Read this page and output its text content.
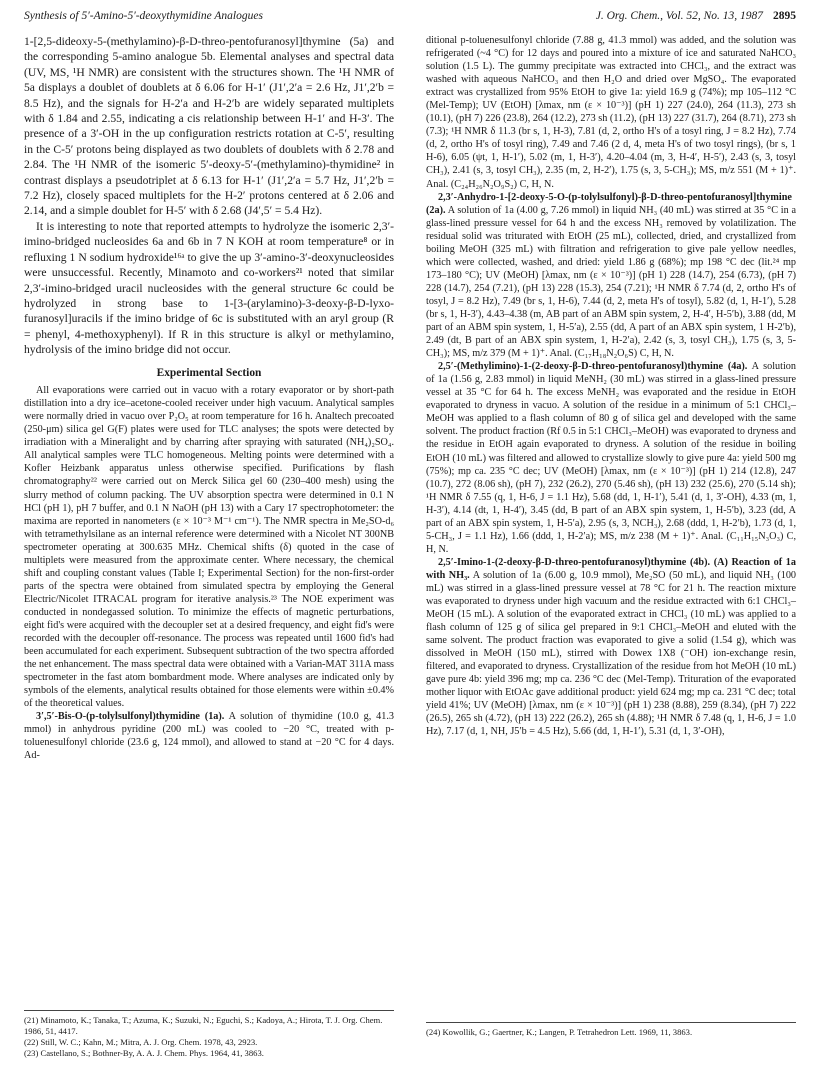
Synthesis of 5′-Amino-5′-deoxythymidine Analogues	J. Org. Chem., Vol. 52, No. 13, 1987 2895

1-[2,5-dideoxy-5-(methylamino)-β-D-threo-pentofuranosyl]thymine (5a) and the corresponding 5-amino analogue 5b. Elemental analyses and spectral data (UV, MS, ¹H NMR) are consistent with the structures shown. The ¹H NMR of 5a displays a doublet of doublets at δ 6.06 for H-1′ (J1′,2′a = 2.6 Hz, J1′,2′b = 8.5 Hz), and the signals for H-2′a and H-2′b are widely separated multiplets with δ 1.84 and 2.55, indicating a cis relationship between H-1′ and H-3′. The presence of a 3′-OH in the up configuration restricts rotation at C-5′, resulting in the C-5′ protons being displayed as two doublets of doublets with δ 2.78 and 2.84. The ¹H NMR of the isomeric 5′-deoxy-5′-(methylamino)-thymidine² in contrast displays a pseudotriplet at δ 6.13 for H-1′ (J1′,2′a = 5.7 Hz, J1′,2′b = 7.2 Hz), closely spaced multiplets for the H-2′ protons centered at δ 2.06 and 2.14, and a simple doublet for H-5′ with δ 2.68 (J4′,5′ = 5.4 Hz).

It is interesting to note that reported attempts to hydrolyze the isomeric 2,3′-imino-bridged nucleosides 6a and 6b in 7 N KOH at room temperature⁸ or in refluxing 1 N sodium hydroxide¹⁶ᵃ to give the up 3′-amino-3′-deoxynucleosides were unsuccessful. Recently, Minamoto and co-workers²¹ noted that similar 2,3′-imino-bridged uracil nucleosides with the general structure 6c could be hydrolyzed in strong base to 1-[3-(arylamino)-3-deoxy-β-D-lyxo-furanosyl]uracils if the imino bridge of 6c is substituted with an aryl group (R = phenyl, 4-methoxyphenyl). If R in this structure is alkyl or methylamino, hydrolysis of the imino bridge did not occur.

Experimental Section

All evaporations were carried out in vacuo with a rotary evaporator or by short-path distillation into a dry ice–acetone-cooled receiver under high vacuum. Analytical samples were normally dried in vacuo over P₂O₅ at room temperature for 16 h. Analtech precoated (250-μm) silica gel G(F) plates were used for TLC analyses; the spots were detected by irradiation with a Mineralight and by charring after spraying with saturated (NH₄)₂SO₄. All analytical samples were TLC homogeneous. Melting points were determined with a Kofler Heizbank apparatus unless otherwise specified. Purifications by flash chromatography²² were carried out on Merck Silica gel 60 (230–400 mesh) using the slurry method of column packing. The UV absorption spectra were determined in 0.1 N HCl (pH 1), pH 7 buffer, and 0.1 N NaOH (pH 13) with a Cary 17 spectrophotometer: the maxima are reported in nanometers (ε × 10⁻³ M⁻¹ cm⁻¹). The NMR spectra in Me₂SO-d₆ with tetramethylsilane as an internal reference were determined with a Nicolet NT 300NB spectrometer operating at 300.635 MHz. Chemical shifts (δ) quoted in the case of multiplets were measured from the approximate center. Where necessary, the chemical shift and coupling constant values (Table I; Experimental Section) for the non-first-order parts of the spectra were obtained from simulated spectra by employing the General Electric/Nicolet ITRACAL program for iterative analysis.²³ The NOE experiment was conducted in nondegassed solution. To minimize the effects of magnetic perturbations, eight fid's were acquired with the decoupler set at a desired frequency, and eight fid's were recorded with the decoupler off-resonance. The process was repeated until 1600 fid's had been accumulated for each experiment. Subsequent subtraction of the two spectra afforded the net enhancement. The mass spectral data were obtained with a Varian-MAT 311A mass spectrometer in the fast atom bombardment mode. Where analyses are indicated only by symbols of the elements, analytical results obtained for those elements were within ±0.4% of the theoretical values.

3′,5′-Bis-O-(p-tolylsulfonyl)thymidine (1a). A solution of thymidine (10.0 g, 41.3 mmol) in anhydrous pyridine (200 mL) was cooled to −20 °C, treated with p-toluenesulfonyl chloride (23.6 g, 124 mmol), and allowed to stand at −20 °C for 4 days. Ad-

ditional p-toluenesulfonyl chloride (7.88 g, 41.3 mmol) was added, and the solution was refrigerated (~4 °C) for 12 days and poured into a mixture of ice and saturated NaHCO₃ solution (1.5 L). The gummy precipitate was extracted into CHCl₃, and the extract was washed with aqueous NaHCO₃ and then H₂O and dried over MgSO₄. The evaporated extract was crystallized from 95% EtOH to give 1a: yield 16.9 g (74%); mp 105–112 °C (Mel-Temp); UV (EtOH) [λmax, nm (ε × 10⁻³)] (pH 1) 227 (24.0), 264 (11.3), 273 sh (10.1), (pH 7) 226 (23.8), 264 (12.2), 273 sh (11.2), (pH 13) 227 (31.7), 264 (8.71), 273 sh (7.3); ¹H NMR δ 11.3 (br s, 1, H-3), 7.81 (d, 2, ortho H's of a tosyl ring, J = 8.2 Hz), 7.74 (d, 2, ortho H's of tosyl ring), 7.49 and 7.46 (2 d, 4, meta H's of two tosyl rings), (br s, 1 H-6), 6.05 (ψt, 1, H-1′), 5.02 (m, 1, H-3′), 4.20–4.04 (m, 3, H-4′, H-5′), 2.43 (s, 3, tosyl CH₃), 2.41 (s, 3, tosyl CH₃), 2.35 (m, 2, H-2′), 1.75 (s, 3, 5-CH₃); MS, m/z 551 (M + 1)⁺. Anal. (C₂₄H₂₆N₂O₉S₂) C, H, N.

2,3′-Anhydro-1-[2-deoxy-5-O-(p-tolylsulfonyl)-β-D-threo-pentofuranosyl]thymine (2a). A solution of 1a (4.00 g, 7.26 mmol) in liquid NH₃ (40 mL) was stirred at 35 °C in a glass-lined pressure vessel for 64 h and the excess NH₃ removed by volatilization. The residual solid was triturated with EtOH (25 mL), collected, dried, and crystallized from boiling MeOH (325 mL) with filtration and refrigeration to give pale yellow needles, which were collected, washed, and dried: yield 1.86 g (68%); mp 198 °C dec (lit.²⁴ mp 173–180 °C); UV (MeOH) [λmax, nm (ε × 10⁻³)] (pH 1) 228 (14.7), 254 (6.73), (pH 7) 228 (14.7), 254 (7.21), (pH 13) 228 (15.3), 254 (7.21); ¹H NMR δ 7.74 (d, 2, ortho H's of tosyl, J = 8.2 Hz), 7.49 (br s, 1, H-6), 7.44 (d, 2, meta H's of tosyl), 5.82 (d, 1, H-1′), 5.28 (br s, 1, H-3′), 4.43–4.38 (m, AB part of an ABM spin system, 2, H-4′, H-5′b), 3.88 (dd, M part of an ABM spin system, 1, H-5′a), 2.55 (dd, A part of an ABX spin system, 1 H-2′b), 2.49 (dt, B part of an ABX spin system, 1, H-2′a), 2.42 (s, 3, tosyl CH₃), 1.75 (s, 3, 5-CH₃); MS, m/z 379 (M + 1)⁺. Anal. (C₁₇H₁₈N₂O₆S) C, H, N.

2,5′-(Methylimino)-1-(2-deoxy-β-D-threo-pentofuranosyl)thymine (4a). A solution of 1a (1.56 g, 2.83 mmol) in liquid MeNH₂ (30 mL) was stirred in a glass-lined pressure vessel at 35 °C for 64 h. The excess MeNH₂ was evaporated and the residue in EtOH evaporated to dryness in vacuo. A solution of the residue in a minimum of 5:1 CHCl₃–MeOH was applied to a flash column of 80 g of silica gel and developed with the same solvent. The product fraction (Rf 0.5 in 5:1 CHCl₃–MeOH) was evaporated to dryness and the residue in EtOH again evaporated to dryness. A solution of the residue in boiling EtOH (10 mL) was filtered and allowed to crystallize slowly to give pure 4a: yield 500 mg (75%); mp ca. 235 °C dec; UV (MeOH) [λmax, nm (ε × 10⁻³)] (pH 1) 214 (12.8), 247 (10.7), 272 (8.06 sh), (pH 7), 232 (26.2), 270 (5.46 sh), (pH 13) 232 (25.6), 270 (5.14 sh); ¹H NMR δ 7.55 (q, 1, H-6, J = 1.1 Hz), 5.68 (dd, 1, H-1′), 5.41 (d, 1, 3′-OH), 4.33 (m, 1, H-3′), 4.14 (dt, 1, H-4′), 3.45 (dd, B part of an ABX spin system, 1, H-5′b), 3.23 (dd, A part of an ABX spin system, 1, H-5′a), 2.95 (s, 3, NCH₃), 2.68 (ddd, 1, H-2′b), 1.73 (d, 1, 5-CH₃, J = 1.1 Hz), 1.66 (ddd, 1, H-2′a); MS, m/z 238 (M + 1)⁺. Anal. (C₁₁H₁₅N₃O₃) C, H, N.

2,5′-Imino-1-(2-deoxy-β-D-threo-pentofuranosyl)thymine (4b). (A) Reaction of 1a with NH₃. A solution of 1a (6.00 g, 10.9 mmol), Me₂SO (50 mL), and liquid NH₃ (100 mL) was stirred in a glass-lined pressure vessel at 78 °C for 21 h. The reaction mixture was evaporated to dryness under high vacuum and the residue extracted with 6:1 CHCl₃–MeOH (15 mL). A solution of the evaporated extract in CHCl₃ (10 mL) was applied to a flash column of 125 g of silica gel prepared in 9:1 CHCl₃–MeOH and eluted with the same solvent. The product fraction was evaporated to give a solid (1.54 g), which was dissolved in MeOH (150 mL), stirred with Dowex 1X8 (⁻OH) ion-exchange resin, filtered, and evaporated to dryness. Crystallization of the residue from hot MeOH (10 mL) gave pure 4b: yield 396 mg; mp ca. 236 °C dec (Mel-Temp). Trituration of the evaporated mother liquor with EtOAc gave additional product: yield 624 mg; mp ca. 231 °C dec; total yield 41%; UV (MeOH) [λmax, nm (ε × 10⁻³)] (pH 1) 238 (8.88), 259 (8.34), (pH 7) 222 (26.5), 265 sh (4.72), (pH 13) 222 (26.2), 265 sh (4.88); ¹H NMR δ 7.48 (q, 1, H-6, J = 1.0 Hz), 7.17 (d, 1, NH, J5′b = 4.5 Hz), 5.66 (dd, 1, H-1′), 5.31 (d, 1, 3′-OH),

(21) Minamoto, K.; Tanaka, T.; Azuma, K.; Suzuki, N.; Eguchi, S.; Kadoya, A.; Hirota, T. J. Org. Chem. 1986, 51, 4417.

(22) Still, W. C.; Kahn, M.; Mitra, A. J. Org. Chem. 1978, 43, 2923.

(23) Castellano, S.; Bothner-By, A. A. J. Chem. Phys. 1964, 41, 3863.

(24) Kowollik, G.; Gaertner, K.; Langen, P. Tetrahedron Lett. 1969, 11, 3863.
